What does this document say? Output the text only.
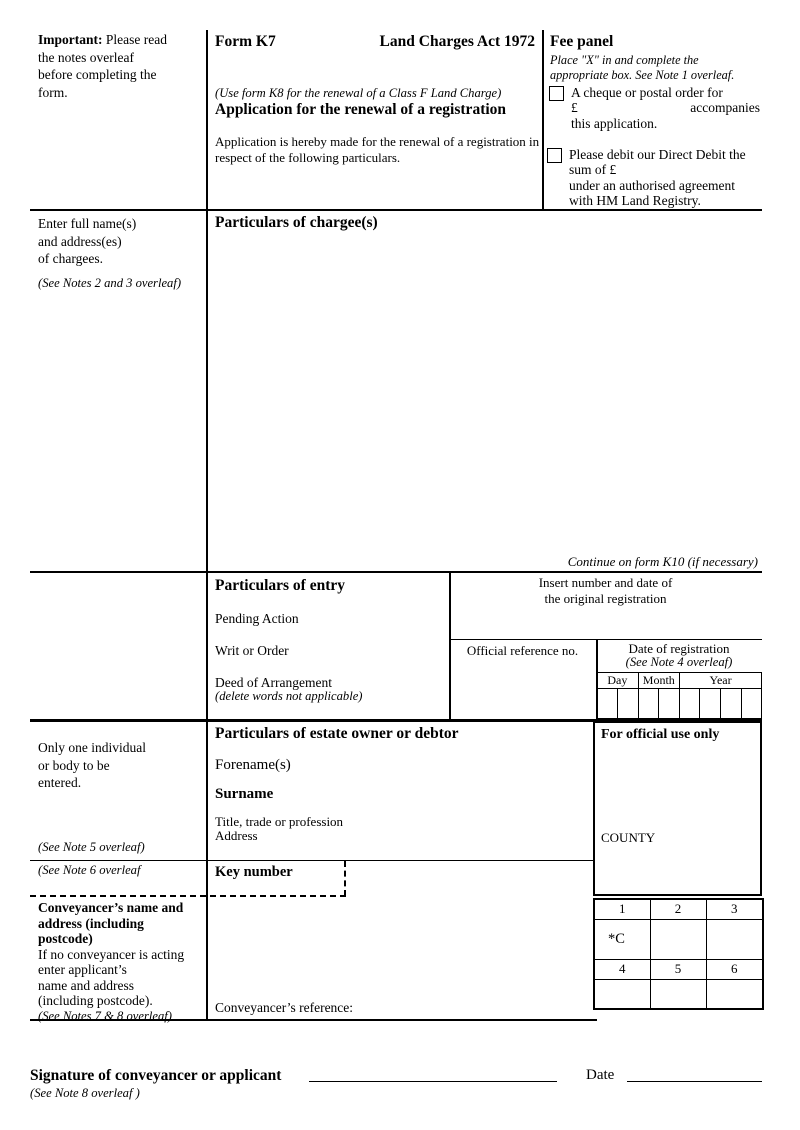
Important: Please read
the notes overleaf
before completing the
form.
Form K7	Land Charges Act 1972
(Use form K8 for the renewal of a Class F Land Charge)
Application for the renewal of a registration
Application is hereby made for the renewal of a registration in
respect of the following particulars.
Fee panel
Place "X" in and complete the
appropriate box. See Note 1 overleaf.
A cheque or postal order for
£	accompanies
this application.
Please debit our Direct Debit the
sum of £
under an authorised agreement
with HM Land Registry.
Enter full name(s)
and address(es)
of chargees.
(See Notes 2 and 3 overleaf)
Particulars of chargee(s)
Continue on form K10 (if necessary)
Particulars of entry
Pending Action
Writ or Order
Deed of Arrangement
(delete words not applicable)
Insert number and date of
the original registration
Official reference no.	Date of registration
(See Note 4 overleaf)
Day		Month		Year			

Only one individual
or body to be
entered.
(See Note 5 overleaf)
Particulars of estate owner or debtor
Forename(s)
Surname
Title, trade or profession
Address
For official use only
COUNTY
(See Note 6 overleaf	Key number
Conveyancer’s name and
address (including
postcode)
If no conveyancer is acting
enter applicant’s
name and address
(including postcode).
(See Notes 7 & 8 overleaf)
Conveyancer’s reference:
1	2	3
*C		
4	5	6

Signature of conveyancer or applicant	Date
(See Note 8 overleaf )
